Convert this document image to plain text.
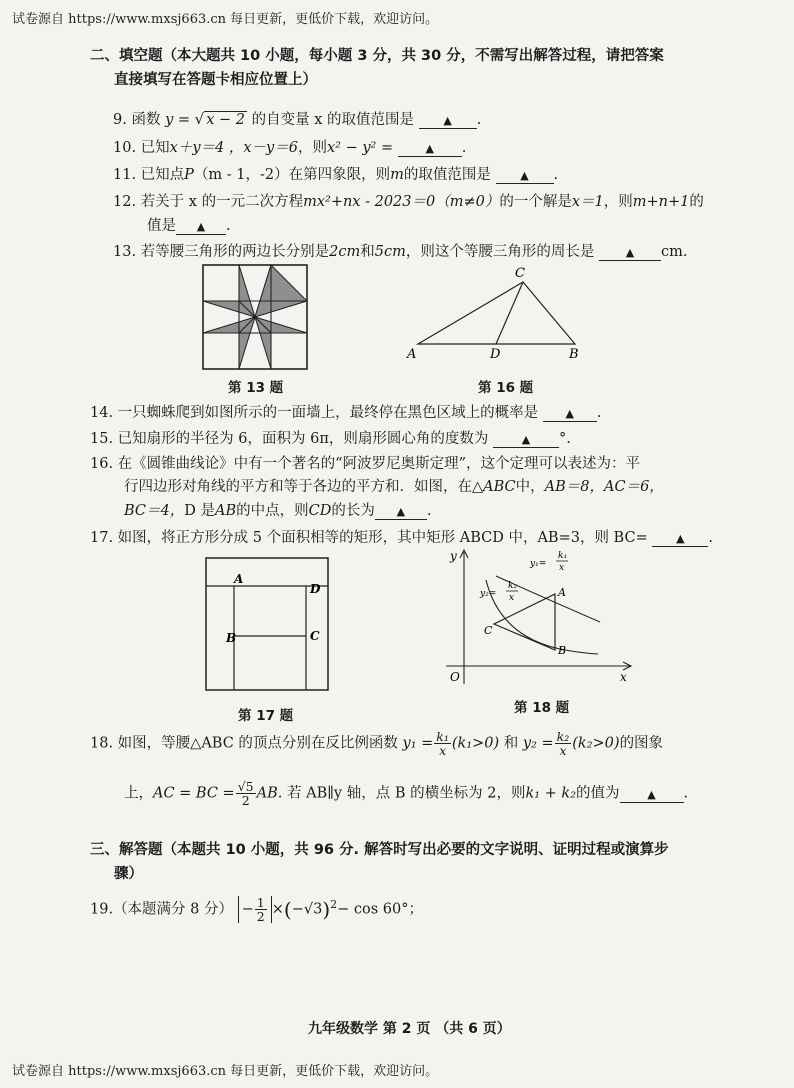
试卷源自 https://www.mxsj663.cn 每日更新，更低价下载，欢迎访问。
二、填空题（本大题共 10 小题，每小题 3 分，共 30 分，不需写出解答过程，请把答案
直接填写在答题卡相应位置上）
9. 函数 y = √ x − 2 的自变量 x 的取值范围是	▲ .
10. 已知x＋y＝4 ，x－y＝6，则x² − y² =	▲ .
11. 已知点P（m - 1，-2）在第四象限，则m的取值范围是	▲ .
12. 若关于 x 的一元二次方程mx²+nx - 2023＝0（m≠0）的一个解是x＝1，则m+n+1的
值是 ▲ .
13. 若等腰三角形的两边长分别是2cm和5cm，则这个等腰三角形的周长是	▲ cm.
第 13 题
C
A	D	B
第 16 题
14. 一只蜘蛛爬到如图所示的一面墙上，最终停在黑色区域上的概率是 ▲ .
15. 已知扇形的半径为 6，面积为 6π，则扇形圆心角的度数为	▲ °.
16. 在《圆锥曲线论》中有一个著名的“阿波罗尼奥斯定理”，这个定理可以表述为：平
行四边形对角线的平方和等于各边的平方和．如图，在△ABC中，AB＝8，AC＝6，
BC＝4，D 是AB的中点，则CD的长为 ▲ .
17. 如图，将正方形分成 5 个面积相等的矩形，其中矩形 ABCD 中，AB=3，则 BC=	▲ .
A
D
B	C
第 17 题
y
x
O
A
B
C
y₁=
k₁
x
y₂=
k₂
x
第 18 题
18. 如图，等腰△ABC 的顶点分别在反比例函数 $y_1 = \frac{\text{k₁}}{x} (k_1>0)$ 和 $y_2 = \frac{\text{k₂}}{x} (k_2>0)$的图象
上，AC = BC = $\frac{√5}{2}$ AB. 若 AB∥y 轴，点 B 的横坐标为 2，则k₁ + k₂的值为	▲ .
三、解答题（本题共 10 小题，共 96 分. 解答时写出必要的文字说明、证明过程或演算步
骤）
19.（本题满分 8 分） − $\frac{1}{2} \times(-√3)^2- \cos 60^\circ$；
九年级数学 第 2 页 （共 6 页）
试卷源自 https://www.mxsj663.cn 每日更新，更低价下载，欢迎访问。
